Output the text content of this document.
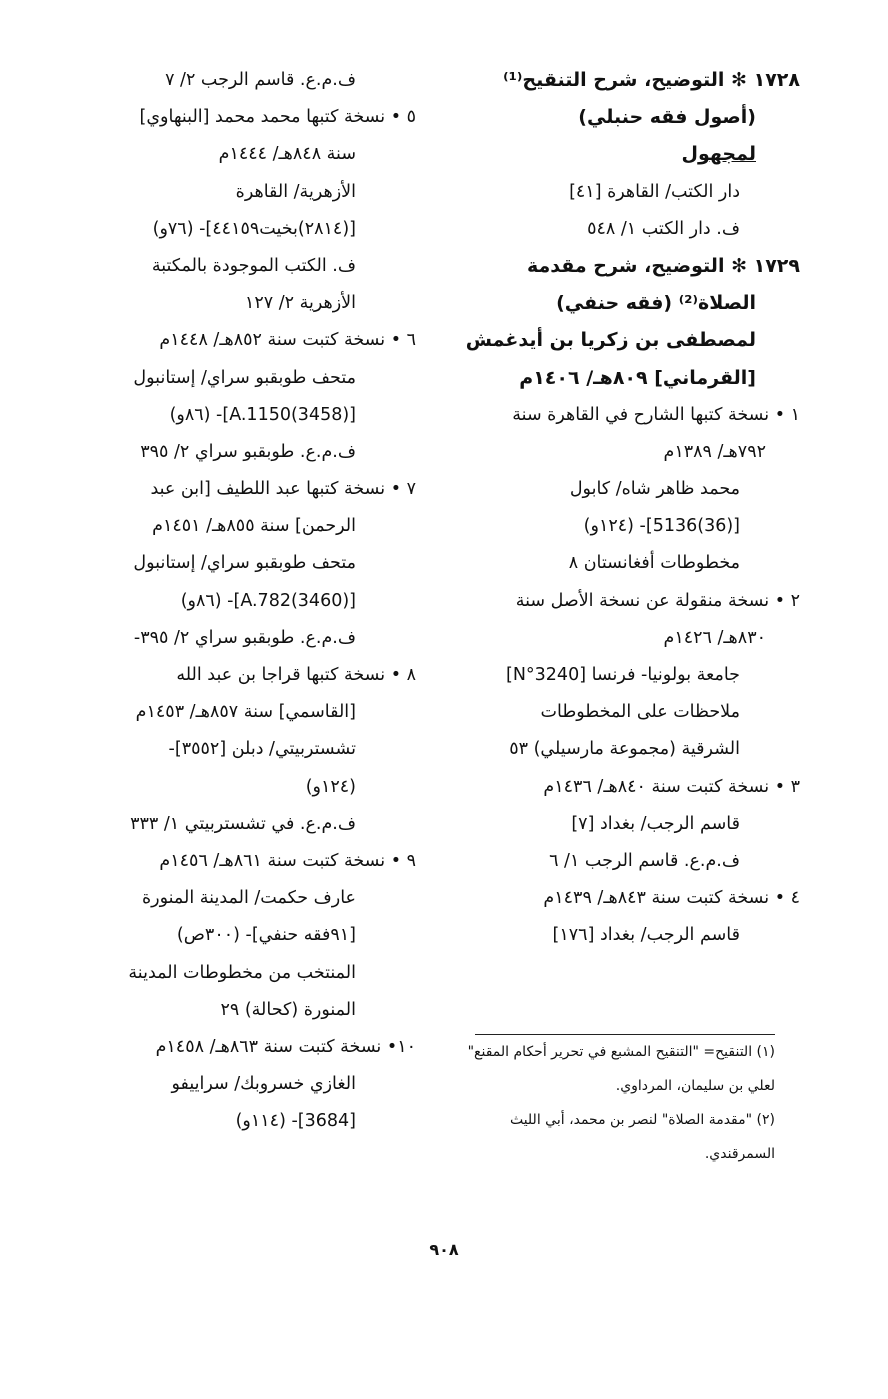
١٧٢٨ ✻ التوضيح، شرح التنقيح⁽¹⁾
(أصول فقه حنبلي)
لمجهول
دار الكتب/ القاهرة [٤١]
ف. دار الكتب ١/ ٥٤٨
١٧٢٩ ✻ التوضيح، شرح مقدمة
الصلاة⁽²⁾ (فقه حنفي)
لمصطفى بن زكريا بن أيدغمش
[القرماني] ٨٠٩هـ/ ١٤٠٦م
١ • نسخة كتبها الشارح في القاهرة سنة
٧٩٢هـ/ ١٣٨٩م
محمد ظاهر شاه/ كابول
[(36)5136]- (١٢٤و)
مخطوطات أفغانستان ٨
٢ • نسخة منقولة عن نسخة الأصل سنة
٨٣٠هـ/ ١٤٢٦م
جامعة بولونيا- فرنسا [N°3240]
ملاحظات على المخطوطات
الشرقية (مجموعة مارسيلي) ٥٣
٣ • نسخة كتبت سنة ٨٤٠هـ/ ١٤٣٦م
قاسم الرجب/ بغداد [٧]
ف.م.ع. قاسم الرجب ١/ ٦
٤ • نسخة كتبت سنة ٨٤٣هـ/ ١٤٣٩م
قاسم الرجب/ بغداد [١٧٦]
ف.م.ع. قاسم الرجب ٢/ ٧
٥ • نسخة كتبها محمد محمد [البنهاوي]
سنة ٨٤٨هـ/ ١٤٤٤م
الأزهرية/ القاهرة
[(٢٨١٤)بخيت٤٤١٥٩]- (٧٦و)
ف. الكتب الموجودة بالمكتبة
الأزهرية ٢/ ١٢٧
٦ • نسخة كتبت سنة ٨٥٢هـ/ ١٤٤٨م
متحف طوبقبو سراي/ إستانبول
[(3458)A.1150]- (٨٦و)
ف.م.ع. طوبقبو سراي ٢/ ٣٩٥
٧ • نسخة كتبها عبد اللطيف [ابن عبد
الرحمن] سنة ٨٥٥هـ/ ١٤٥١م
متحف طوبقبو سراي/ إستانبول
[(3460)A.782]- (٨٦و)
ف.م.ع. طوبقبو سراي ٢/ ٣٩٥-
٨ • نسخة كتبها قراجا بن عبد الله
[القاسمي] سنة ٨٥٧هـ/ ١٤٥٣م
تشستربيتي/ دبلن [٣٥٥٢]-
(١٢٤و)
ف.م.ع. في تشستربيتي ١/ ٣٣٣
٩ • نسخة كتبت سنة ٨٦١هـ/ ١٤٥٦م
عارف حكمت/ المدينة المنورة
[٩١فقه حنفي]- (٣٠٠ص)
المنتخب من مخطوطات المدينة
المنورة (كحالة) ٢٩
١٠• نسخة كتبت سنة ٨٦٣هـ/ ١٤٥٨م
الغازي خسروبك/ سراييفو
[3684]- (١١٤و)
(١) التنقيح= "التنقيح المشبع في تحرير أحكام المقنع"
لعلي بن سليمان، المرداوي.
(٢) "مقدمة الصلاة" لنصر بن محمد، أبي الليث
السمرقندي.
٩٠٨
